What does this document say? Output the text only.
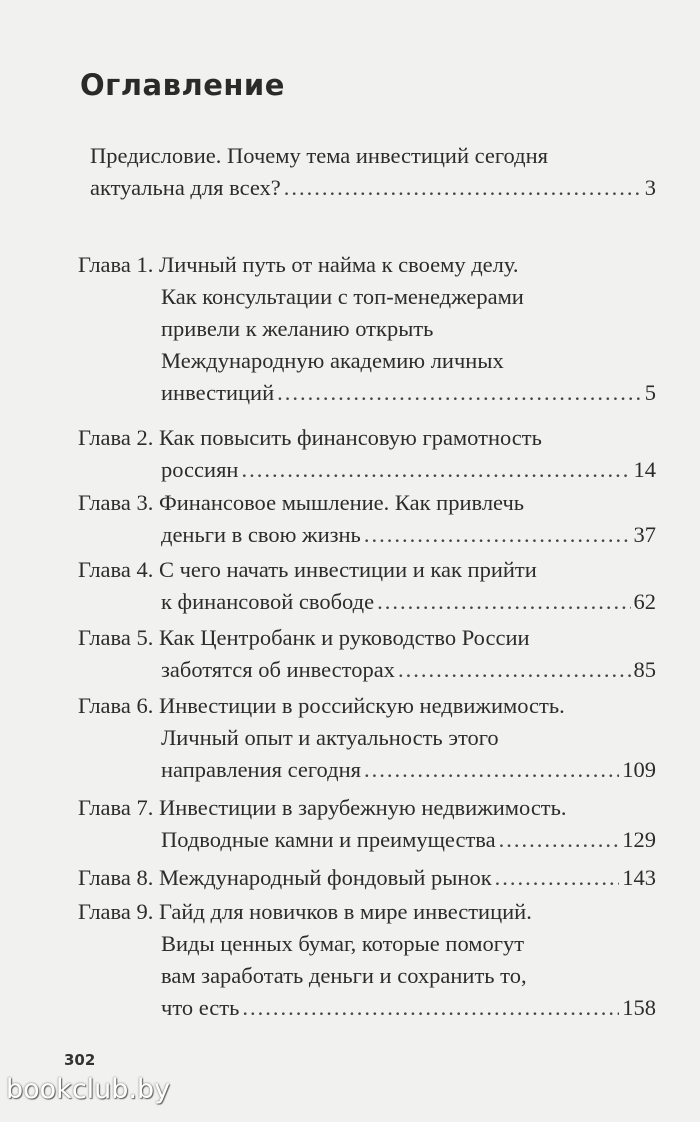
Оглавление
Предисловие. Почему тема инвестиций сегодня
актуальна для всех? .....	3
Глава 1. Личный путь от найма к своему делу.
Как консультации с топ-менеджерами
привели к желанию открыть
Международную академию личных
инвестиций .....	5
Глава 2. Как повысить финансовую грамотность
россиян .....	14
Глава 3. Финансовое мышление. Как привлечь
деньги в свою жизнь .....	37
Глава 4. С чего начать инвестиции и как прийти
к финансовой свободе .....	62
Глава 5. Как Центробанк и руководство России
заботятся об инвесторах .....	85
Глава 6. Инвестиции в российскую недвижимость.
Личный опыт и актуальность этого
направления сегодня .....	109
Глава 7. Инвестиции в зарубежную недвижимость.
Подводные камни и преимущества .....	129
Глава 8. Международный фондовый рынок .....	143
Глава 9. Гайд для новичков в мире инвестиций.
Виды ценных бумаг, которые помогут
вам заработать деньги и сохранить то,
что есть .....	158
302
bookclub.by
